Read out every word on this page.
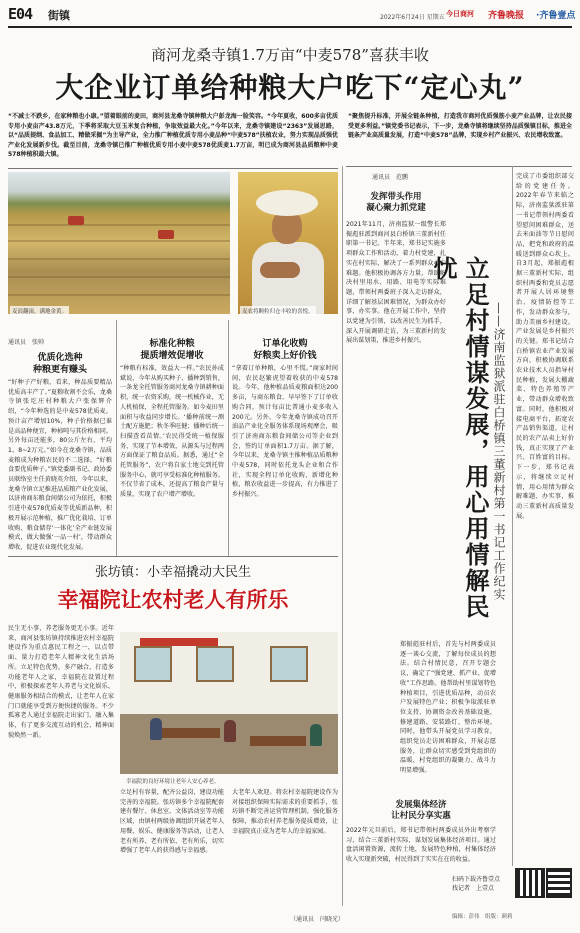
E04 街镇	2022年6月24日 星期五 今日商河 齐鲁晚报 ·齐鲁壹点
商河龙桑寺镇1.7万亩“中麦578”喜获丰收
大企业订单给种粮大户吃下“定心丸”
“不减士不跌乡，在家种粮也小康。”望着眼前的麦田，商河县龙桑寺镇种粮大户彭龙海一脸笑容。“今年夏收，600多亩优质专用小麦亩产43.8万元，下季将采取大豆玉米复合种植，争取效益最大化。”今年以来，龙桑寺镇建设“2363”发展思路，以“品质提纲、食品加工、精做采掘”为主导产业，全力推广种植优质专用小麦品种“中麦578”扶植农业，努力实现品质强优产业化发展新步伐。截至目前，龙桑寺镇已推广种植优质专用小麦中麦578优质麦1.7万亩，明已成为商河县品质粮种中麦578种植积最大镇。
“聚焦提升标准，开展全链条种植，打造我市商河优质强筋小麦产业品牌，让农民接受更多利益。”镇党委书记表示，下一步，龙桑寺镇将继续坚持品质强镇目标，推进全链条产业高质量发展，打造“中麦578”品牌，实现乡村产业振兴、农民增收致富。
麦浪翻滚，满地金黄。	麦农将颗粒归仓丰收的喜悦。
通讯员　张帅
优质化选种
种粮更有赚头
“好种子产好粮，看来，种品质要精品优质高丰产了。”夏粮收割不会乐，龙桑寺镇张圪庄村种粮大户张保辉介绍，“今年种选的是中麦578优质麦，预计亩产增加10%，种子价格据已谁是高品种便宜，种柿吨与其价格相同。另外每亩还能多，80公斤左右，平均1、8~2万元。”如今在龙桑寺镇，品质麦粮成为种粮农民的不二选择。“好粮食要优质种子。”镇党委副书记、政协委员联络室主任黄晓英介绍，今年以来，龙桑寺镇立足推进品质粮产业化发展，以济南商东粮食间储公司为依托，积极引进中麦578优质麦等优质新品种，积极开展示范种植，推广优化栽培、订单收购、粮食储存‘一体化’全产业链发展模式，做大做强‘一品一村’，带动群众增收，促进农业现代化发展。
标准化种粮
提质增效促增收
“种粮有标准，效益大一样。”农民孙成斌说，今年从购买种子、播种到销售，一条龙全托管服务商河龙桑寺镇耕种面积，统一农资采购，统一机械作业，无人机植保，全程托管服务。如今麦田里面积与收益同步增长。‘播种前统一测土配方施肥；秋冬季旺健；播种后统一扫描查看苗情。’农民得受统一植保服务，实现了节本增效，从源头与过程两方面保证了粮食品质。据悉，通过“全托管服务”，农户将自家土地交到托管服务中心，就可享受标准化种植服务。不仅节省了成本，还提高了粮食产量与质量，实现了农户增产增收。
订单化收购
好粮卖上好价钱
“拿着订单种粮，心里不慌。”商家时间间，农民赵繁虎望着收获的中麦578说。今年，他种植品质麦粮面积达200多亩，与商东粮食、早早签下了订单收购合同，预计每亩比普通小麦多收入200元。另外，今年龙桑寺镇成功召开油品产业化全服务体系现场观摩会，吸引了济南商东粮食间储公司等企业到会，签约订单面积1.7万亩。据了解，今年以来，龙桑寺镇主推种植品质粮种中麦578，同时依托龙头企业和合作社，实现全程订单化收购，新增化种植，粮农收益进一步提高，有力推进了乡村振兴。
通讯员　范鹏
发挥带头作用
凝心聚力抓党建
2021年11月，济南监狱一级警长郑振彪驻派到商河县白桥镇三董新村任职第一书记。半年来，郑书记实施多项群众工作和活动，着力村党建，扎实在村实际，解决了一系列群众心中难题。他积极协调各方力量，帮助解决村里用水、用路、用电等实际难题，带领村两委班子深入走访群众，详细了解基层困难情况，为群众办好事、办实事。他在开展工作中，坚持以党建为引领，以改善民生为抓手，深入开展调研走访，为三董新村的发展出谋划策，推进乡村振兴。	立足村情谋发展，用心用情解民忧
——济南监狱派驻白桥镇三董新村第一书记工作纪实
郑振彪驻村后，首先与村两委成员逐一谈心交流，了解每位成员的想法。结合村情民意，召开专题会议，确定了“强党建、抓产业、促增收”工作思路。他帮助村里谋划特色种植项目，引进优质品种，动员农户发展特色产业；积极争取派驻单位支持，协调资金改善基础设施，修建道路、安装路灯、整治环境。同时，他带头开展党员学习教育，组织党员走访困难群众，开展志愿服务，让群众切实感受到党组织的温暖，村党组织的凝聚力、战斗力明显增强。
发展集体经济
让村民分享实惠
2022年元旦前后，郑书记带领村两委成员外出考察学习，结合三董新村实际，谋划发展集体经济项目。通过盘活闲置资源，流转土地，发展特色种植，村集体经济收入实现新突破，村民得到了实实在在的收益。
完成了市委组织部交给的党建任务。2022年春节来临之际，济南监狱派驻第一书记带领村两委看望慰问困难群众，送去米面油等节日慰问品，把党和政府的温暖送到群众心坎上。自3月起，郑振彪根据三董新村实际，组织村两委和党员志愿者开展人居环境整治、疫情防控等工作，发动群众参与，助力美丽乡村建设。产业发展是乡村振兴的关键。郑书记结合白桥镇农业产业发展方向，积极协调联系农业技术人员指导村民种植，发展大棚蔬菜、特色养殖等产业，带动群众增收致富。同时，他积极对接电商平台，拓宽农产品销售渠道，让村民的农产品卖上好价钱，真正实现了产业兴、百姓富的目标。下一步，郑书记表示，将继续立足村情，用心用情为群众解难题、办实事，推动三董新村高质量发展。
张坊镇：小幸福撬动大民生
幸福院让农村老人有所乐
民生无小事，养老服务更无小事。近年来，商河县张坊镇持续推进农村幸福院建设作为重点惠民工程之一，以点带面、量力打造老年人精神文化生活场所。立足特色优势，多产融合，打造多功能老年人之家，幸福院在设置过程中，积极探索老年人养老与文化娱乐、健康服务相结合的模式，让老年人在家门口就能享受到方便快捷的服务。不少孤寡老人通过幸福院走出家门、融入集体，有了更多交流互动的机会，精神面貌焕然一新。
幸福院的良好环境让老年人安心养老。
立足村有容量，配齐公益岗，建设功能完善的幸福院。张坊镇多个幸福院配套建有餐厅、休息室、文体活动室等功能区域，由镇村两级协调组织开展老年人用餐、娱乐、健康服务等活动，让老人老有所养、老有所依、老有所乐，切实增强了老年人的获得感与幸福感。
大老年人欢迎。将农村幸福院建设作为对接组织保障实际需求的重要抓手，张坊镇不断完善运营管理机制，强化服务保障，推动农村养老服务提质增效，让幸福院真正成为老年人的幸福家园。
（通讯员　闫晓光）
扫码下载齐鲁壹点
找记者　上壹点
编辑：彭伟　组版：颜莉
